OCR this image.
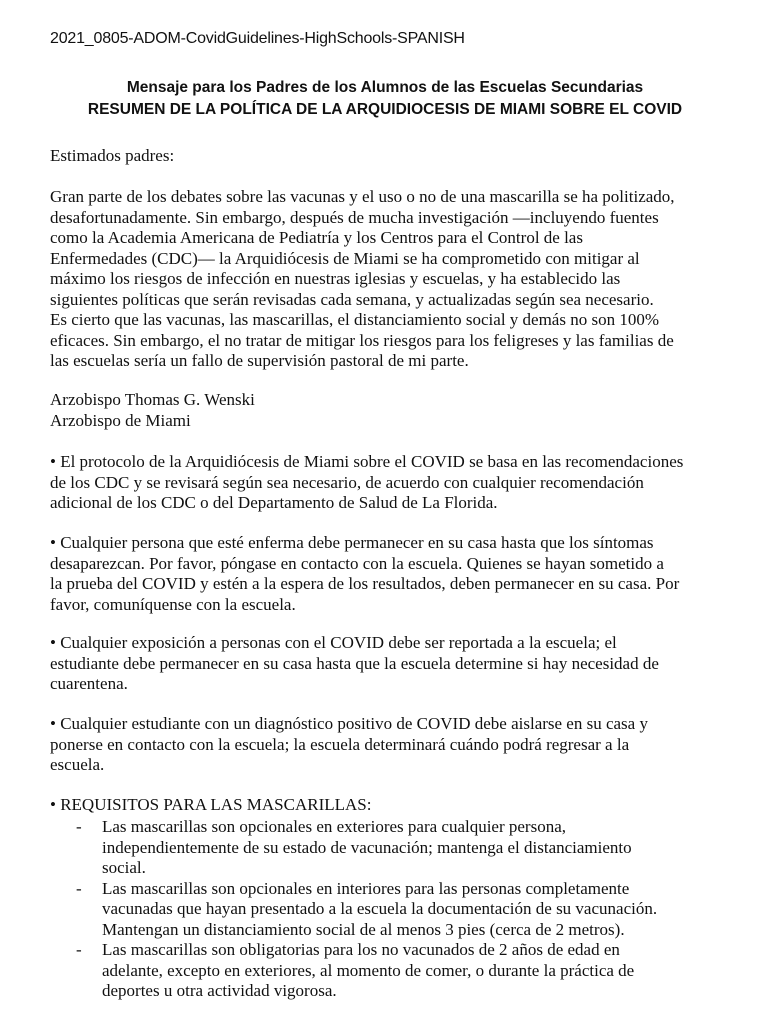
2021_0805-ADOM-CovidGuidelines-HighSchools-SPANISH
Mensaje para los Padres de los Alumnos de las Escuelas Secundarias
RESUMEN DE LA POLÍTICA DE LA ARQUIDIOCESIS DE MIAMI SOBRE EL COVID
Estimados padres:
Gran parte de los debates sobre las vacunas y el uso o no de una mascarilla se ha politizado,
desafortunadamente. Sin embargo, después de mucha investigación —incluyendo fuentes
como la Academia Americana de Pediatría y los Centros para el Control de las
Enfermedades (CDC)— la Arquidiócesis de Miami se ha comprometido con mitigar al
máximo los riesgos de infección en nuestras iglesias y escuelas, y ha establecido las
siguientes políticas que serán revisadas cada semana, y actualizadas según sea necesario.
Es cierto que las vacunas, las mascarillas, el distanciamiento social y demás no son 100%
eficaces. Sin embargo, el no tratar de mitigar los riesgos para los feligreses y las familias de
las escuelas sería un fallo de supervisión pastoral de mi parte.
Arzobispo Thomas G. Wenski
Arzobispo de Miami
• El protocolo de la Arquidiócesis de Miami sobre el COVID se basa en las recomendaciones
de los CDC y se revisará según sea necesario, de acuerdo con cualquier recomendación
adicional de los CDC o del Departamento de Salud de La Florida.
• Cualquier persona que esté enferma debe permanecer en su casa hasta que los síntomas
desaparezcan. Por favor, póngase en contacto con la escuela. Quienes se hayan sometido a
la prueba del COVID y estén a la espera de los resultados, deben permanecer en su casa. Por
favor, comuníquense con la escuela.
• Cualquier exposición a personas con el COVID debe ser reportada a la escuela; el
estudiante debe permanecer en su casa hasta que la escuela determine si hay necesidad de
cuarentena.
• Cualquier estudiante con un diagnóstico positivo de COVID debe aislarse en su casa y
ponerse en contacto con la escuela; la escuela determinará cuándo podrá regresar a la
escuela.
• REQUISITOS PARA LAS MASCARILLAS:
- Las mascarillas son opcionales en exteriores para cualquier persona,
independientemente de su estado de vacunación; mantenga el distanciamiento
social.
- Las mascarillas son opcionales en interiores para las personas completamente
vacunadas que hayan presentado a la escuela la documentación de su vacunación.
Mantengan un distanciamiento social de al menos 3 pies (cerca de 2 metros).
- Las mascarillas son obligatorias para los no vacunados de 2 años de edad en
adelante, excepto en exteriores, al momento de comer, o durante la práctica de
deportes u otra actividad vigorosa.
